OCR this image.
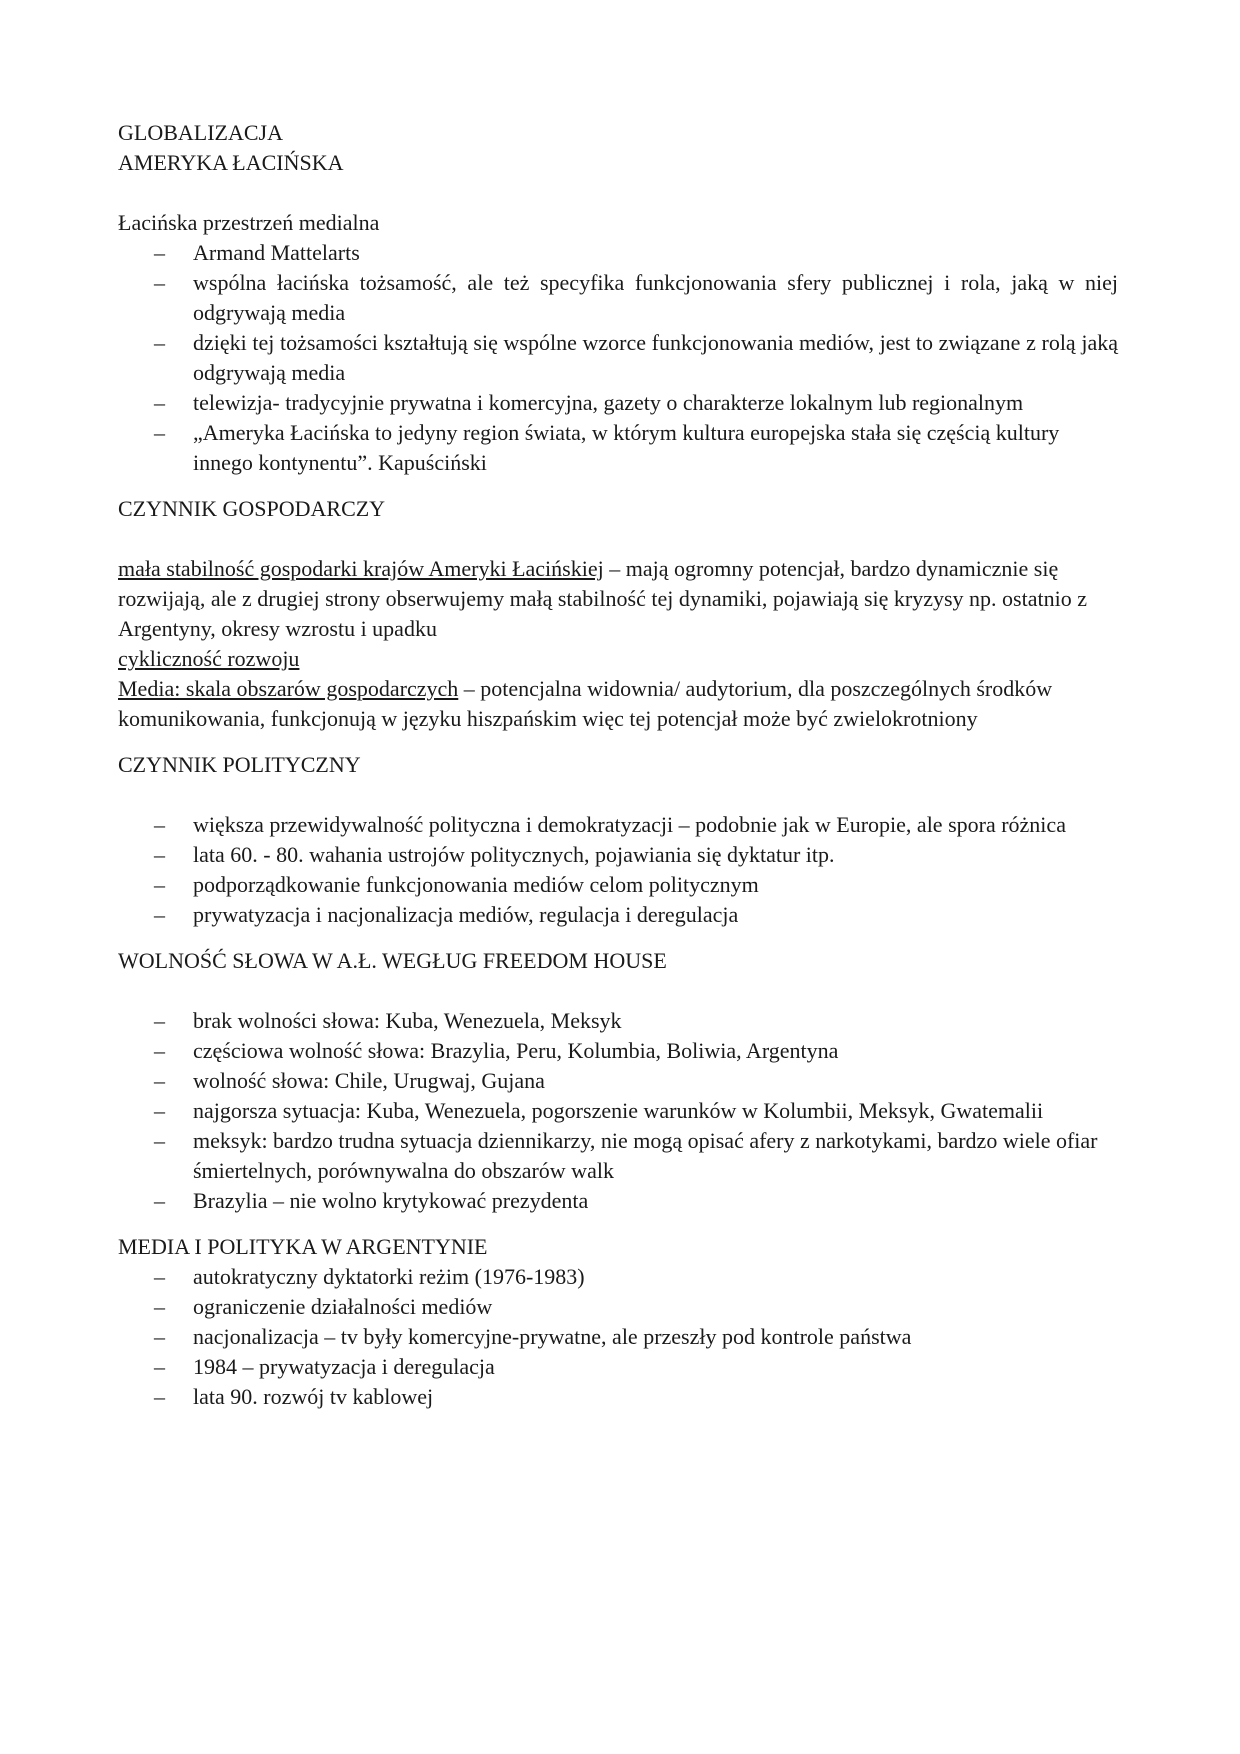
GLOBALIZACJA

AMERYKA ŁACIŃSKA

Łacińska przestrzeń medialna

– Armand Mattelarts
– wspólna łacińska tożsamość, ale też specyfika funkcjonowania sfery publicznej i rola, jaką w niej odgrywają media
– dzięki tej tożsamości kształtują się wspólne wzorce funkcjonowania mediów, jest to związane z rolą jaką odgrywają media
– telewizja- tradycyjnie prywatna i komercyjna, gazety o charakterze lokalnym lub regionalnym
– „Ameryka Łacińska to jedyny region świata, w którym kultura europejska stała się częścią kultury innego kontynentu”. Kapuściński

CZYNNIK GOSPODARCZY

mała stabilność gospodarki krajów Ameryki Łacińskiej – mają ogromny potencjał, bardzo dynamicznie się rozwijają, ale z drugiej strony obserwujemy małą stabilność tej dynamiki, pojawiają się kryzysy np. ostatnio z Argentyny, okresy wzrostu i upadku

cykliczność rozwoju

Media: skala obszarów gospodarczych – potencjalna widownia/ audytorium, dla poszczególnych środków komunikowania, funkcjonują w języku hiszpańskim więc tej potencjał może być zwielokrotniony

CZYNNIK POLITYCZNY

– większa przewidywalność polityczna i demokratyzacji – podobnie jak w Europie, ale spora różnica
– lata 60. - 80. wahania ustrojów politycznych, pojawiania się dyktatur itp.
– podporządkowanie funkcjonowania mediów celom politycznym
– prywatyzacja i nacjonalizacja mediów, regulacja i deregulacja

WOLNOŚĆ SŁOWA W A.Ł. WEGŁUG FREEDOM HOUSE

– brak wolności słowa: Kuba, Wenezuela, Meksyk
– częściowa wolność słowa: Brazylia, Peru, Kolumbia, Boliwia, Argentyna
– wolność słowa: Chile, Urugwaj, Gujana
– najgorsza sytuacja: Kuba, Wenezuela, pogorszenie warunków w Kolumbii, Meksyk, Gwatemalii
– meksyk: bardzo trudna sytuacja dziennikarzy, nie mogą opisać afery z narkotykami, bardzo wiele ofiar śmiertelnych, porównywalna do obszarów walk
– Brazylia – nie wolno krytykować prezydenta

MEDIA I POLITYKA W ARGENTYNIE

– autokratyczny dyktatorki reżim (1976-1983)
– ograniczenie działalności mediów
– nacjonalizacja – tv były komercyjne-prywatne, ale przeszły pod kontrole państwa
– 1984 – prywatyzacja i deregulacja
– lata 90. rozwój tv kablowej
